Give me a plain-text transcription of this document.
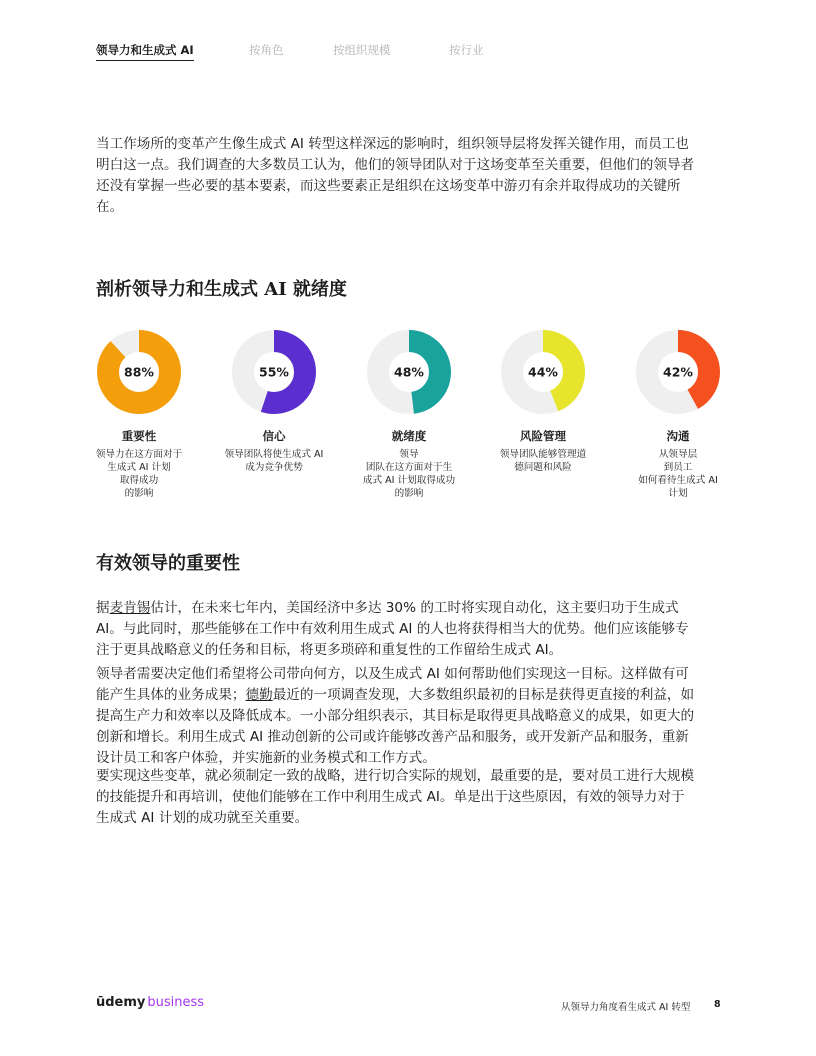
领导力和生成式 AI	按角色	按组织规模	按行业

当工作场所的变革产生像生成式 AI 转型这样深远的影响时，组织领导层将发挥关键作用，而员工也明白这一点。我们调查的大多数员工认为，他们的领导团队对于这场变革至关重要，但他们的领导者还没有掌握一些必要的基本要素，而这些要素正是组织在这场变革中游刃有余并取得成功的关键所在。

剖析领导力和生成式 AI 就绪度
88%
重要性
领导力在这方面对于
生成式 AI 计划
取得成功
的影响
55%
信心
领导团队将使生成式 AI
成为竞争优势
48%
就绪度
领导
团队在这方面对于生
成式 AI 计划取得成功
的影响
44%
风险管理
领导团队能够管理道
德问题和风险
42%
沟通
从领导层
到员工
如何看待生成式 AI
计划
有效领导的重要性

据麦肯锡估计，在未来七年内，美国经济中多达 30% 的工时将实现自动化，这主要归功于生成式 AI。与此同时，那些能够在工作中有效利用生成式 AI 的人也将获得相当大的优势。他们应该能够专注于更具战略意义的任务和目标，将更多琐碎和重复性的工作留给生成式 AI。

领导者需要决定他们希望将公司带向何方，以及生成式 AI 如何帮助他们实现这一目标。这样做有可能产生具体的业务成果；德勤最近的一项调查发现，大多数组织最初的目标是获得更直接的利益，如提高生产力和效率以及降低成本。一小部分组织表示，其目标是取得更具战略意义的成果，如更大的创新和增长。利用生成式 AI 推动创新的公司或许能够改善产品和服务，或开发新产品和服务，重新设计员工和客户体验，并实施新的业务模式和工作方式。

要实现这些变革，就必须制定一致的战略，进行切合实际的规划，最重要的是，要对员工进行大规模的技能提升和再培训，使他们能够在工作中利用生成式 AI。单是出于这些原因，有效的领导力对于生成式 AI 计划的成功就至关重要。

ūdemy business	从领导力角度看生成式 AI 转型 8
